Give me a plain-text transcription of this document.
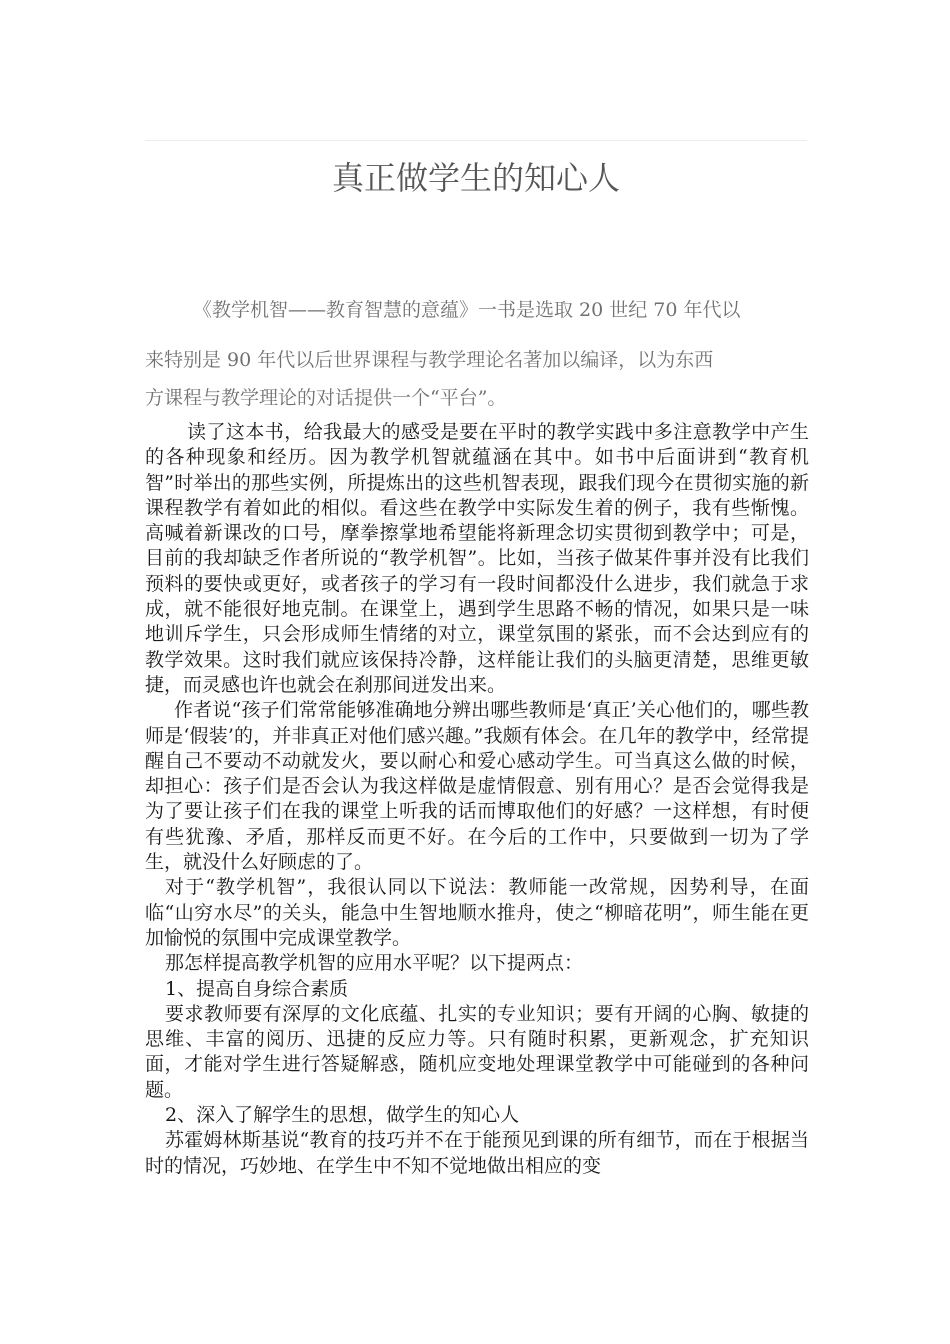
真正做学生的知心人
《教学机智——教育智慧的意蕴》一书是选取 20 世纪 70 年代以
来特别是 90 年代以后世界课程与教学理论名著加以编译，以为东西
方课程与教学理论的对话提供一个“平台”。

读了这本书，给我最大的感受是要在平时的教学实践中多注意教学中产生的各种现象和经历。因为教学机智就蕴涵在其中。如书中后面讲到“教育机智”时举出的那些实例，所提炼出的这些机智表现，跟我们现今在贯彻实施的新课程教学有着如此的相似。看这些在教学中实际发生着的例子，我有些惭愧。高喊着新课改的口号，摩拳擦掌地希望能将新理念切实贯彻到教学中；可是，目前的我却缺乏作者所说的“教学机智”。比如，当孩子做某件事并没有比我们预料的要快或更好，或者孩子的学习有一段时间都没什么进步，我们就急于求成，就不能很好地克制。在课堂上，遇到学生思路不畅的情况，如果只是一味地训斥学生，只会形成师生情绪的对立，课堂氛围的紧张，而不会达到应有的教学效果。这时我们就应该保持冷静，这样能让我们的头脑更清楚，思维更敏捷，而灵感也许也就会在刹那间迸发出来。

作者说“孩子们常常能够准确地分辨出哪些教师是‘真正’关心他们的，哪些教师是‘假装’的，并非真正对他们感兴趣。”我颇有体会。在几年的教学中，经常提醒自己不要动不动就发火，要以耐心和爱心感动学生。可当真这么做的时候，却担心：孩子们是否会认为我这样做是虚情假意、别有用心？是否会觉得我是为了要让孩子们在我的课堂上听我的话而博取他们的好感？一这样想，有时便有些犹豫、矛盾，那样反而更不好。在今后的工作中，只要做到一切为了学生，就没什么好顾虑的了。

对于“教学机智”，我很认同以下说法：教师能一改常规，因势利导，在面临“山穷水尽”的关头，能急中生智地顺水推舟，使之“柳暗花明”，师生能在更加愉悦的氛围中完成课堂教学。

那怎样提高教学机智的应用水平呢？以下提两点：

1、提高自身综合素质

要求教师要有深厚的文化底蕴、扎实的专业知识；要有开阔的心胸、敏捷的思维、丰富的阅历、迅捷的反应力等。只有随时积累，更新观念，扩充知识面，才能对学生进行答疑解惑，随机应变地处理课堂教学中可能碰到的各种问题。

2、深入了解学生的思想，做学生的知心人

苏霍姆林斯基说“教育的技巧并不在于能预见到课的所有细节，而在于根据当时的情况，巧妙地、在学生中不知不觉地做出相应的变
